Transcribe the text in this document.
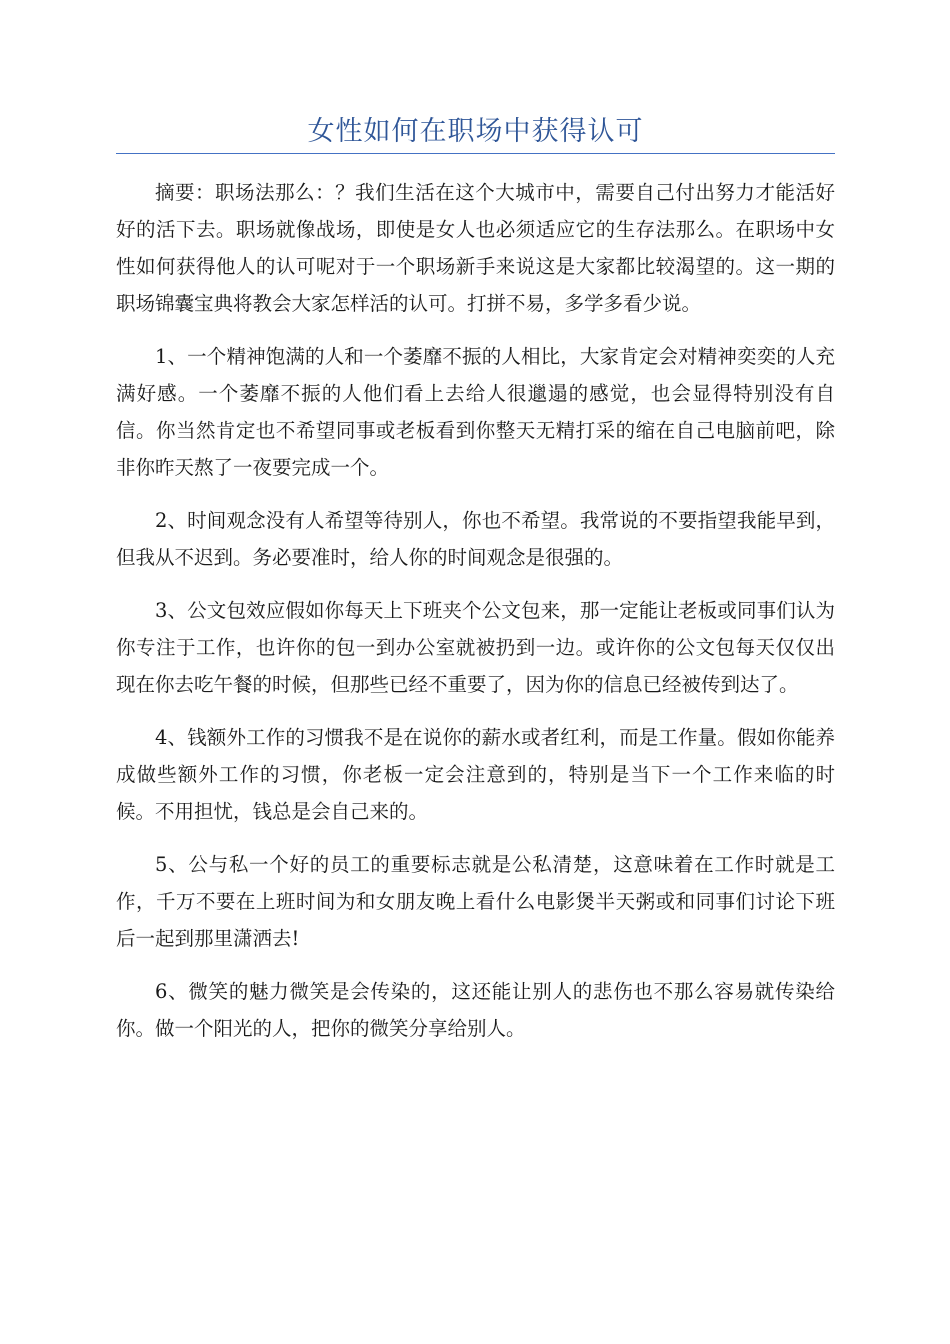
女性如何在职场中获得认可

摘要：职场法那么：？我们生活在这个大城市中，需要自己付出努力才能活好好的活下去。职场就像战场，即使是女人也必须适应它的生存法那么。在职场中女性如何获得他人的认可呢对于一个职场新手来说这是大家都比较渴望的。这一期的职场锦囊宝典将教会大家怎样活的认可。打拼不易，多学多看少说。

1、一个精神饱满的人和一个萎靡不振的人相比，大家肯定会对精神奕奕的人充满好感。一个萎靡不振的人他们看上去给人很邋遢的感觉，也会显得特别没有自信。你当然肯定也不希望同事或老板看到你整天无精打采的缩在自己电脑前吧，除非你昨天熬了一夜要完成一个。

2、时间观念没有人希望等待别人，你也不希望。我常说的不要指望我能早到，但我从不迟到。务必要准时，给人你的时间观念是很强的。

3、公文包效应假如你每天上下班夹个公文包来，那一定能让老板或同事们认为你专注于工作，也许你的包一到办公室就被扔到一边。或许你的公文包每天仅仅出现在你去吃午餐的时候，但那些已经不重要了，因为你的信息已经被传到达了。

4、钱额外工作的习惯我不是在说你的薪水或者红利，而是工作量。假如你能养成做些额外工作的习惯，你老板一定会注意到的，特别是当下一个工作来临的时候。不用担忧，钱总是会自己来的。

5、公与私一个好的员工的重要标志就是公私清楚，这意味着在工作时就是工作，千万不要在上班时间为和女朋友晚上看什么电影煲半天粥或和同事们讨论下班后一起到那里潇洒去!

6、微笑的魅力微笑是会传染的，这还能让别人的悲伤也不那么容易就传染给你。做一个阳光的人，把你的微笑分享给别人。
